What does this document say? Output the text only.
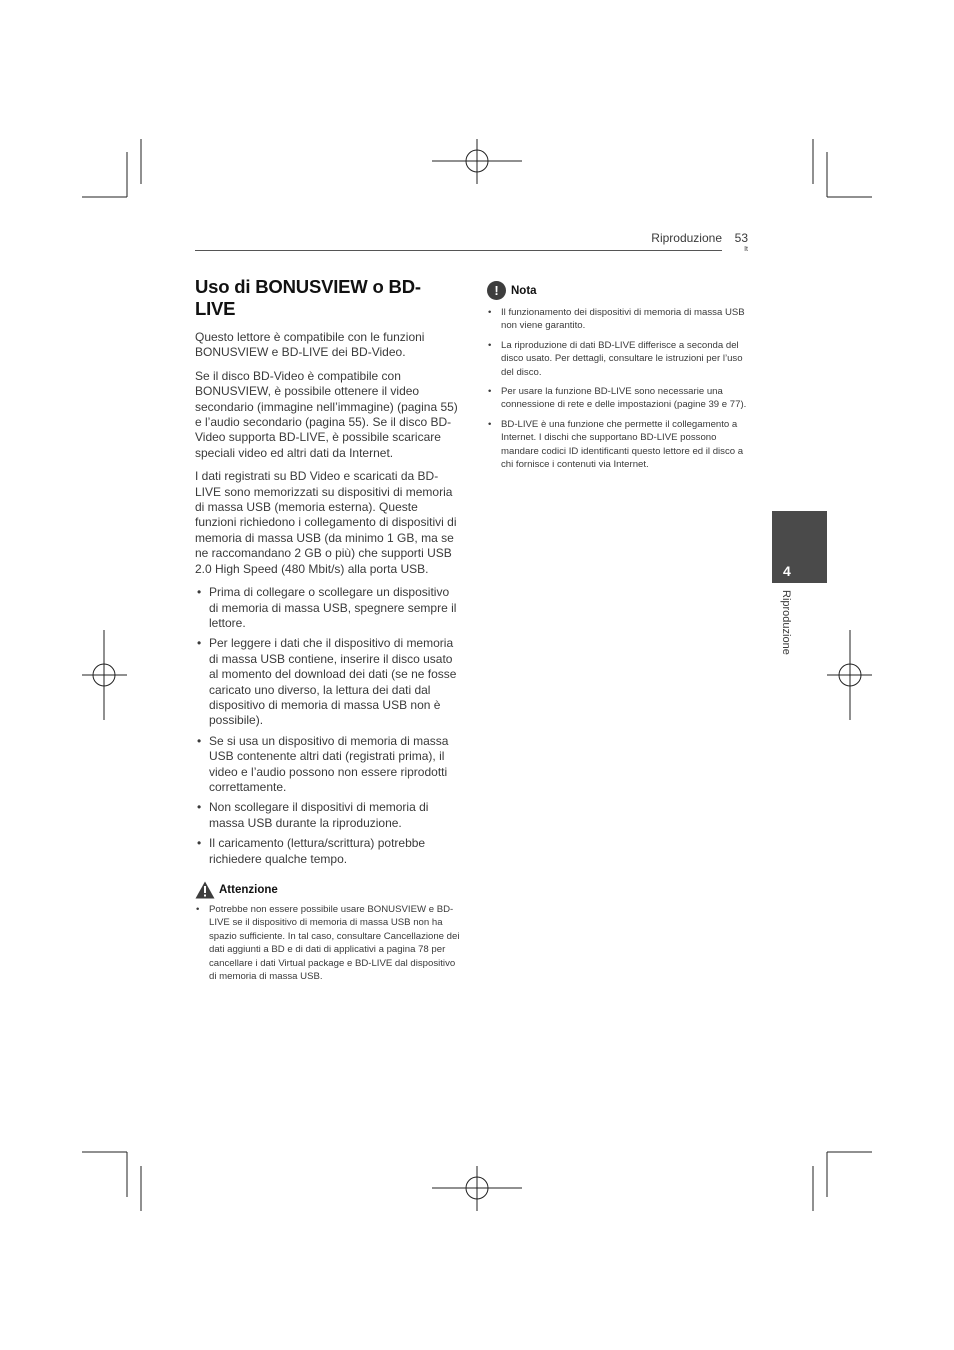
Riproduzione 53
It
Uso di BONUSVIEW o BD-LIVE

Questo lettore è compatibile con le funzioni BONUSVIEW e BD-LIVE dei BD-Video.

Se il disco BD-Video è compatibile con BONUSVIEW, è possibile ottenere il video secondario (immagine nell’immagine) (pagina 55) e l’audio secondario (pagina 55). Se il disco BD-Video supporta BD-LIVE, è possibile scaricare speciali video ed altri dati da Internet.

I dati registrati su BD Video e scaricati da BD-LIVE sono memorizzati su dispositivi di memoria di massa USB (memoria esterna). Queste funzioni richiedono i collegamento di dispositivi di memoria di massa USB (da minimo 1 GB, ma se ne raccomandano 2 GB o più) che supporti USB 2.0 High Speed (480 Mbit/s) alla porta USB.

• Prima di collegare o scollegare un dispositivo di memoria di massa USB, spegnere sempre il lettore.
• Per leggere i dati che il dispositivo di memoria di massa USB contiene, inserire il disco usato al momento del download dei dati (se ne fosse caricato uno diverso, la lettura dei dati dal dispositivo di memoria di massa USB non è possibile).
• Se si usa un dispositivo di memoria di massa USB contenente altri dati (registrati prima), il video e l’audio possono non essere riprodotti correttamente.
• Non scollegare il dispositivi di memoria di massa USB durante la riproduzione.
• Il caricamento (lettura/scrittura) potrebbe richiedere qualche tempo.
Attenzione
• Potrebbe non essere possibile usare BONUSVIEW e BD-LIVE se il dispositivo di memoria di massa USB non ha spazio sufficiente. In tal caso, consultare Cancellazione dei dati aggiunti a BD e di dati di applicativi a pagina 78 per cancellare i dati Virtual package e BD-LIVE dal dispositivo di memoria di massa USB.
!	Nota
• Il funzionamento dei dispositivi di memoria di massa USB non viene garantito.
• La riproduzione di dati BD-LIVE differisce a seconda del disco usato. Per dettagli, consultare le istruzioni per l’uso del disco.
• Per usare la funzione BD-LIVE sono necessarie una connessione di rete e delle impostazioni (pagine 39 e 77).
• BD-LIVE è una funzione che permette il collegamento a Internet. I dischi che supportano BD-LIVE possono mandare codici ID identificanti questo lettore ed il disco a chi fornisce i contenuti via Internet.
4
Riproduzione
